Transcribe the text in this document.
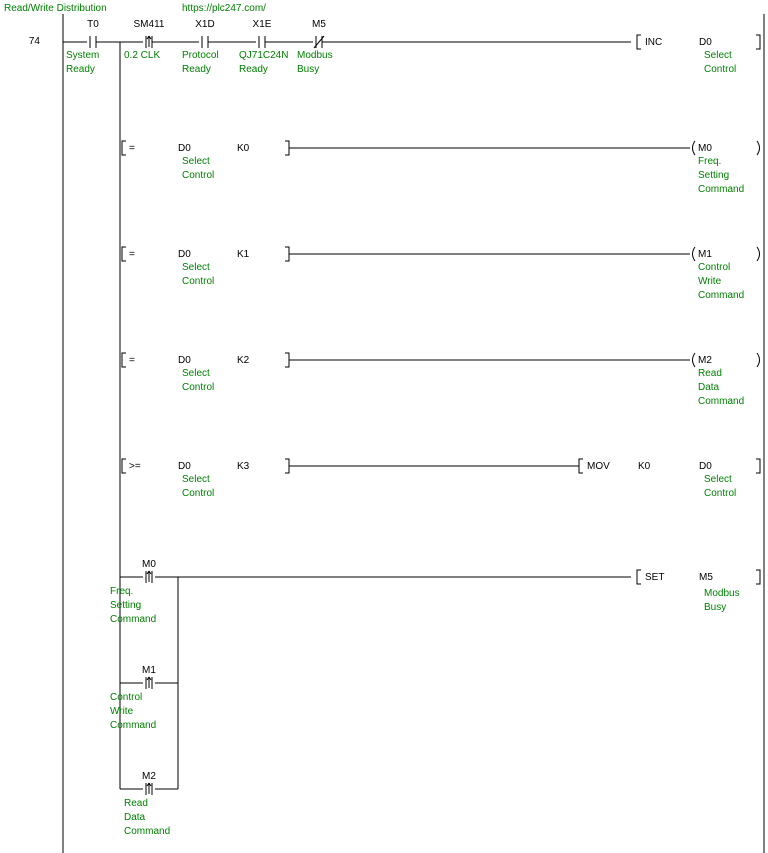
Read/Write Distribution	https://plc247.com/
74
T0
System
Ready
SM411
0.2 CLK
X1D
Protocol
Ready
X1E
QJ71C24N
Ready
M5
Modbus
Busy
INC	D0
Select
Control
=	D0
Select
Control
K0	M0
Freq.
Setting
Command
=	D0
Select
Control
K1	M1
Control
Write
Command
=	D0
Select
Control
K2	M2
Read
Data
Command
>=	D0
Select
Control
K3	MOV	K0	D0
Select
Control
M0
Freq.
Setting
Command
M1
Control
Write
Command
M2
Read
Data
Command
SET	M5
Modbus
Busy
